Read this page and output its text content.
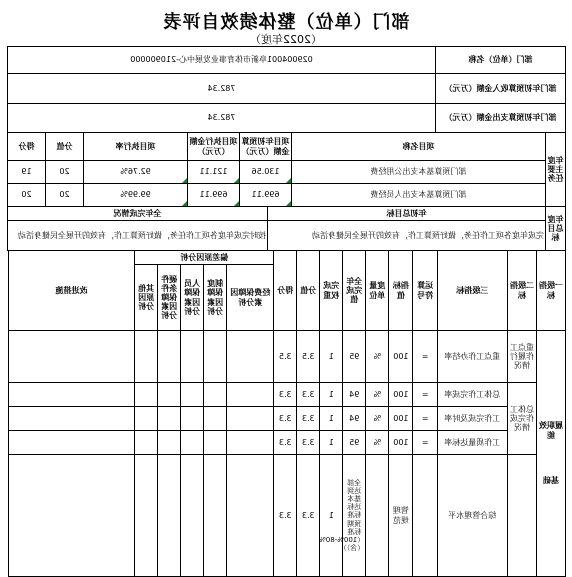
部门（单位）整体绩效自评表
（2022年度）
部门（单位）名称	029004001阜新市体育事业发展中心-210900000
部门年初预算收入金额（万元）	782.34
部门年初预算支出金额（万元）	782.34
年度主要任务	项目名称	项目年初预算金额（万元）	项目执行金额（万元）	项目执行率	分值	得分
	部门预算基本支出公用经费	130.56	121.11	92.76%	20	19
	部门预算基本支出人员经费	699.11	699.11	99.99%	20	20
年度总目标	年初总目标	全年完成情况
	完成年度各项工作任务，做好预算工作，有效的开展全民健身活动	按时完成年度各项工作任务，做好预算工作，有效的开展全民健身活动
一级指标	二级指标	三级指标	运算符号	指标值	度量单位	全年完成值	完成权重	分值	得分	偏差原因分析					改进措施
										经费保障因素分析	制度保障因素分析	人员保障因素分析	硬件条件保障因素分析	其他原因分析	
履职效能

基础	重点工作履行情况	重点工作办结率	=	100	%	95	1	3.5	3.5						
	总体工作完成情况	总体工作完成率	=	100	%	94	1	3.3	3.3						
		工作完成及时率	=	100	%	94	1	3.3	3.3						
		工作质量达标率	=	100	%	95	1	3.3	3.3						
		综合管理水平		管理规范		全部达到基本达标标准预期标准（100%-80%（含））	1	3.3	3.3						
